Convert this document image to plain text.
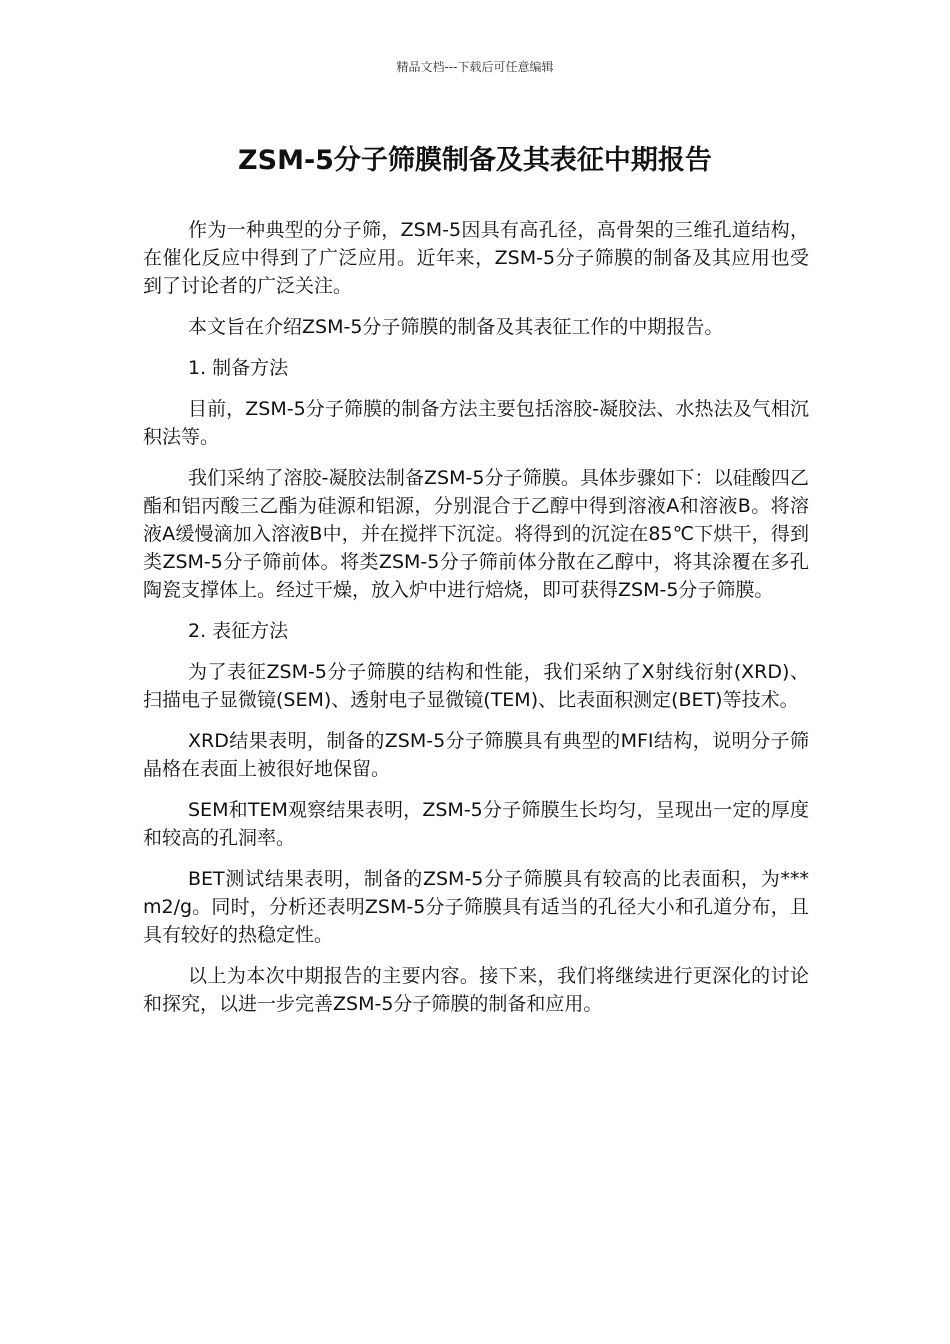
精品文档---下载后可任意编辑
ZSM-5分子筛膜制备及其表征中期报告

作为一种典型的分子筛，ZSM-5因具有高孔径，高骨架的三维孔道结构，在催化反应中得到了广泛应用。近年来，ZSM-5分子筛膜的制备及其应用也受到了讨论者的广泛关注。

本文旨在介绍ZSM-5分子筛膜的制备及其表征工作的中期报告。

1. 制备方法

目前，ZSM-5分子筛膜的制备方法主要包括溶胶-凝胶法、水热法及气相沉积法等。

我们采纳了溶胶-凝胶法制备ZSM-5分子筛膜。具体步骤如下：以硅酸四乙酯和铝丙酸三乙酯为硅源和铝源，分别混合于乙醇中得到溶液A和溶液B。将溶液A缓慢滴加入溶液B中，并在搅拌下沉淀。将得到的沉淀在85℃下烘干，得到类ZSM-5分子筛前体。将类ZSM-5分子筛前体分散在乙醇中，将其涂覆在多孔陶瓷支撑体上。经过干燥，放入炉中进行焙烧，即可获得ZSM-5分子筛膜。

2. 表征方法

为了表征ZSM-5分子筛膜的结构和性能，我们采纳了X射线衍射(XRD)、扫描电子显微镜(SEM)、透射电子显微镜(TEM)、比表面积测定(BET)等技术。

XRD结果表明，制备的ZSM-5分子筛膜具有典型的MFI结构，说明分子筛晶格在表面上被很好地保留。

SEM和TEM观察结果表明，ZSM-5分子筛膜生长均匀，呈现出一定的厚度和较高的孔洞率。

BET测试结果表明，制备的ZSM-5分子筛膜具有较高的比表面积，为*** m2/g。同时，分析还表明ZSM-5分子筛膜具有适当的孔径大小和孔道分布，且具有较好的热稳定性。

以上为本次中期报告的主要内容。接下来，我们将继续进行更深化的讨论和探究，以进一步完善ZSM-5分子筛膜的制备和应用。
